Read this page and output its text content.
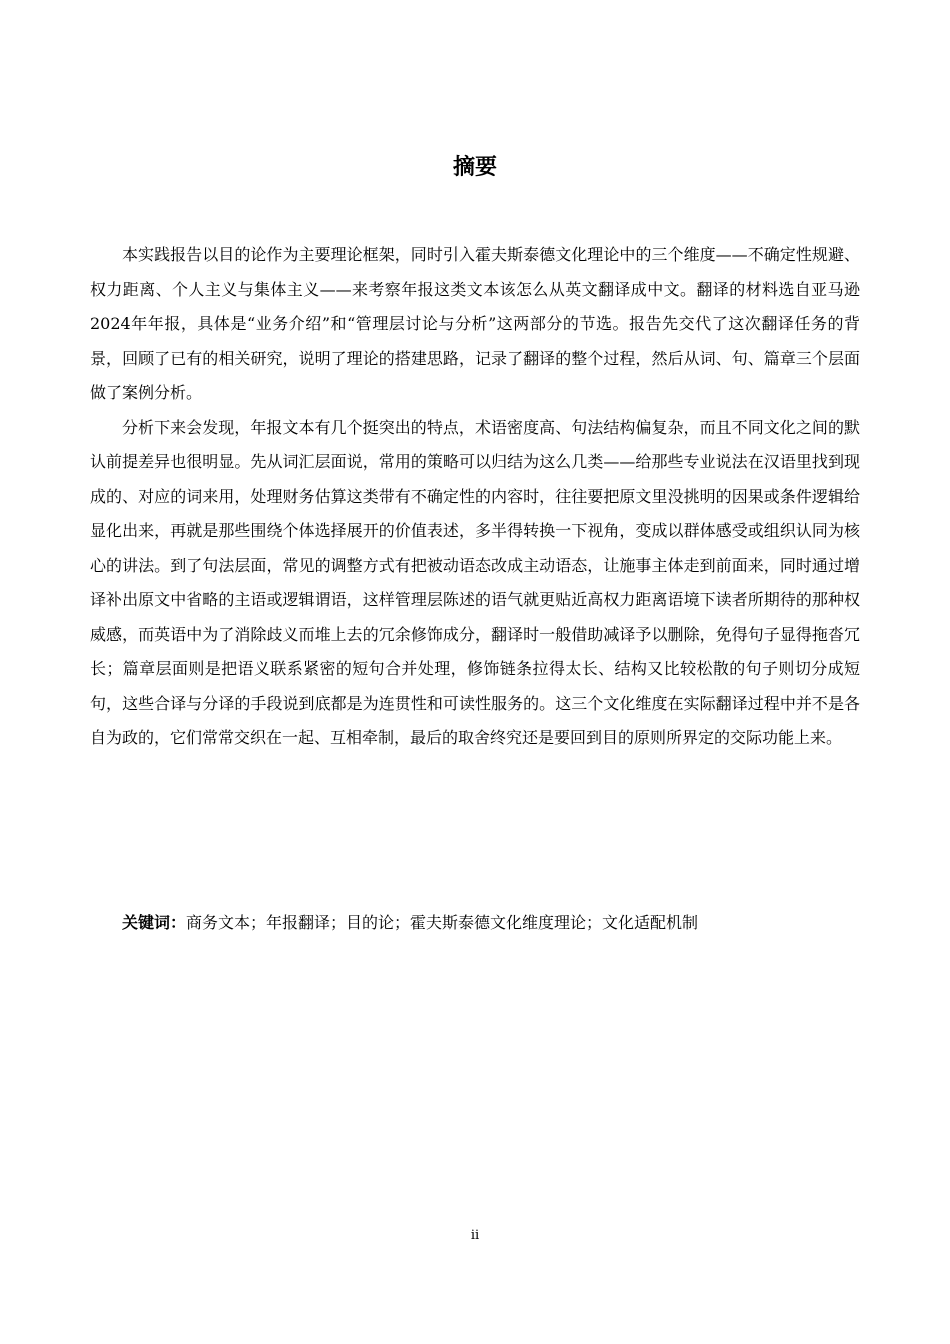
摘要

本实践报告以目的论作为主要理论框架，同时引入霍夫斯泰德文化理论中的三个维度——不确定性规避、权力距离、个人主义与集体主义——来考察年报这类文本该怎么从英文翻译成中文。翻译的材料选自亚马逊2024年年报，具体是“业务介绍”和“管理层讨论与分析”这两部分的节选。报告先交代了这次翻译任务的背景，回顾了已有的相关研究，说明了理论的搭建思路，记录了翻译的整个过程，然后从词、句、篇章三个层面做了案例分析。

分析下来会发现，年报文本有几个挺突出的特点，术语密度高、句法结构偏复杂，而且不同文化之间的默认前提差异也很明显。先从词汇层面说，常用的策略可以归结为这么几类——给那些专业说法在汉语里找到现成的、对应的词来用，处理财务估算这类带有不确定性的内容时，往往要把原文里没挑明的因果或条件逻辑给显化出来，再就是那些围绕个体选择展开的价值表述，多半得转换一下视角，变成以群体感受或组织认同为核心的讲法。到了句法层面，常见的调整方式有把被动语态改成主动语态，让施事主体走到前面来，同时通过增译补出原文中省略的主语或逻辑谓语，这样管理层陈述的语气就更贴近高权力距离语境下读者所期待的那种权威感，而英语中为了消除歧义而堆上去的冗余修饰成分，翻译时一般借助减译予以删除，免得句子显得拖沓冗长；篇章层面则是把语义联系紧密的短句合并处理，修饰链条拉得太长、结构又比较松散的句子则切分成短句，这些合译与分译的手段说到底都是为连贯性和可读性服务的。这三个文化维度在实际翻译过程中并不是各自为政的，它们常常交织在一起、互相牵制，最后的取舍终究还是要回到目的原则所界定的交际功能上来。

关键词：商务文本；年报翻译；目的论；霍夫斯泰德文化维度理论；文化适配机制

ii
